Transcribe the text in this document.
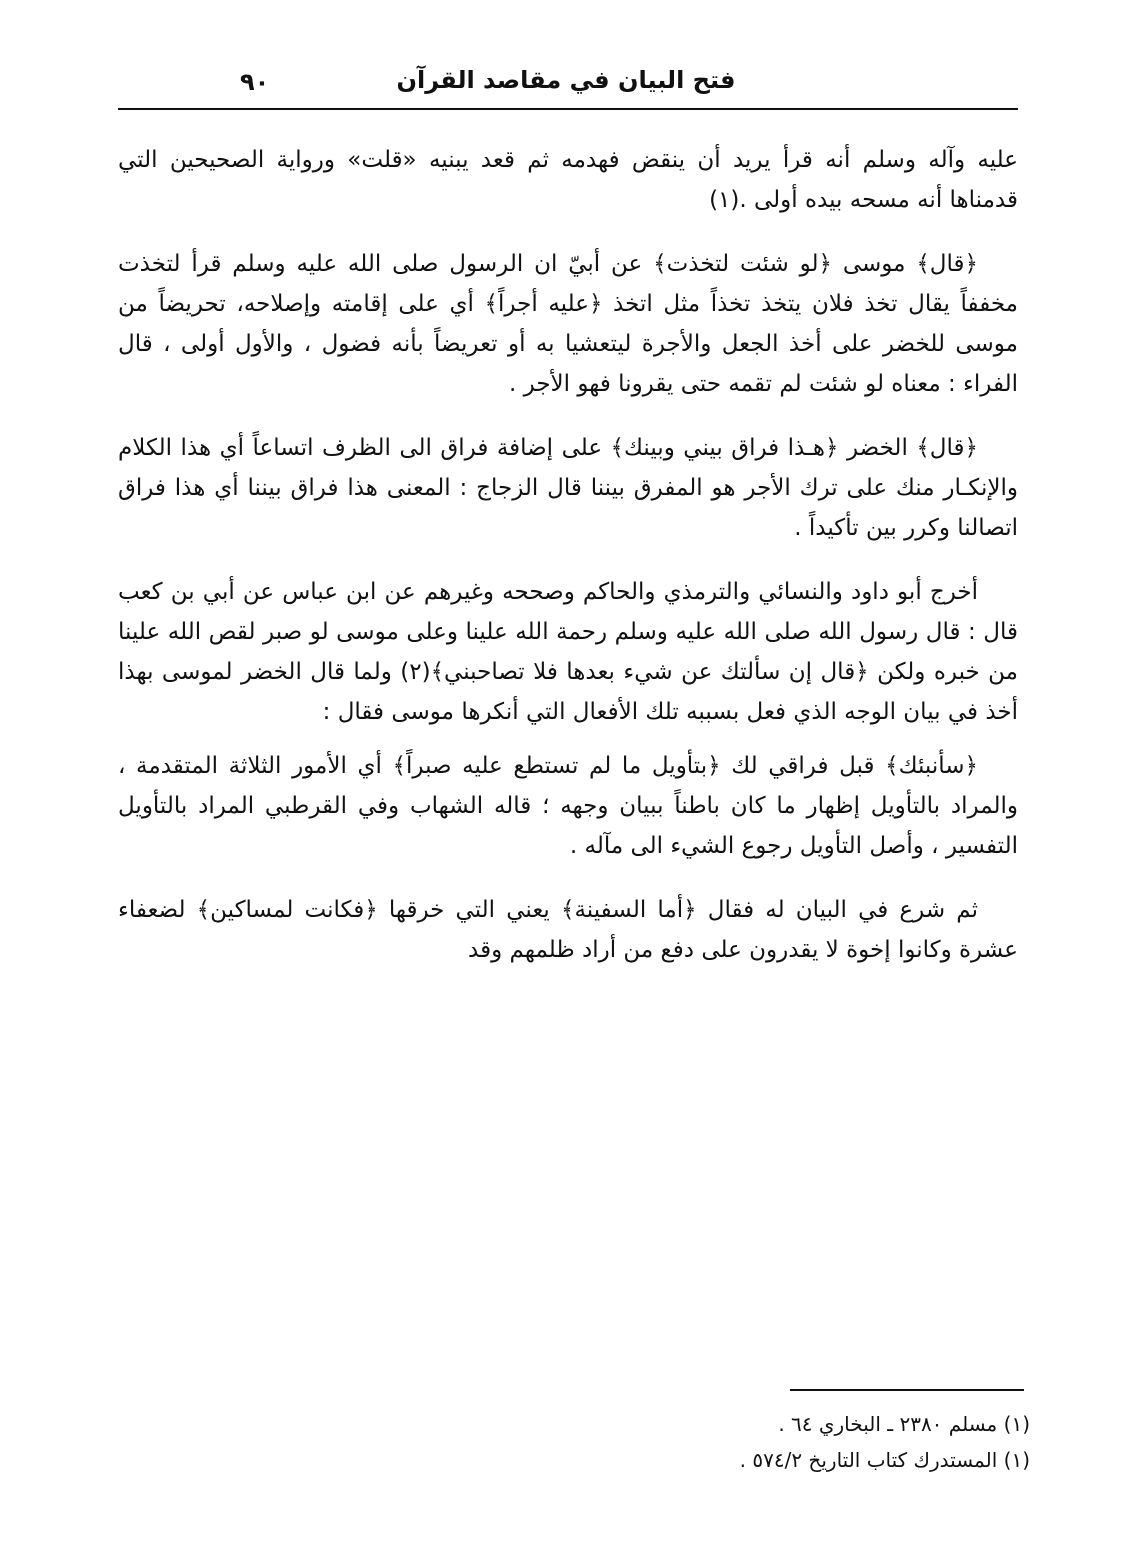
فتح البيان في مقاصد القرآن
٩٠

عليه وآله وسلم أنه قرأ يريد أن ينقض فهدمه ثم قعد يبنيه «قلت» ورواية الصحيحين التي قدمناها أنه مسحه بيده أولى .(١)

﴿قال﴾ موسى ﴿لو شئت لتخذت﴾ عن أبيّ ان الرسول صلى الله عليه وسلم قرأ لتخذت مخففاً يقال تخذ فلان يتخذ تخذاً مثل اتخذ ﴿عليه أجراً﴾ أي على إقامته وإصلاحه، تحريضاً من موسى للخضر على أخذ الجعل والأجرة ليتعشيا به أو تعريضاً بأنه فضول ، والأول أولى ، قال الفراء : معناه لو شئت لم تقمه حتى يقرونا فهو الأجر .

﴿قال﴾ الخضر ﴿هـذا فراق بيني وبينك﴾ على إضافة فراق الى الظرف اتساعاً أي هذا الكلام والإنكـار منك على ترك الأجر هو المفرق بيننا قال الزجاج : المعنى هذا فراق بيننا أي هذا فراق اتصالنا وكرر بين تأكيداً .

أخرج أبو داود والنسائي والترمذي والحاكم وصححه وغيرهم عن ابن عباس عن أبي بن كعب قال : قال رسول الله صلى الله عليه وسلم رحمة الله علينا وعلى موسى لو صبر لقص الله علينا من خبره ولكن ﴿قال إن سألتك عن شيء بعدها فلا تصاحبني﴾(٢) ولما قال الخضر لموسى بهذا أخذ في بيان الوجه الذي فعل بسببه تلك الأفعال التي أنكرها موسى فقال :

﴿سأنبئك﴾ قبل فراقي لك ﴿بتأويل ما لم تستطع عليه صبراً﴾ أي الأمور الثلاثة المتقدمة ، والمراد بالتأويل إظهار ما كان باطناً ببيان وجهه ؛ قاله الشهاب وفي القرطبي المراد بالتأويل التفسير ، وأصل التأويل رجوع الشيء الى مآله .

ثم شرع في البيان له فقال ﴿أما السفينة﴾ يعني التي خرقها ﴿فكانت لمساكين﴾ لضعفاء عشرة وكانوا إخوة لا يقدرون على دفع من أراد ظلمهم وقد

(١) مسلم ٢٣٨٠ ـ البخاري ٦٤ .

(١) المستدرك كتاب التاريخ ٥٧٤/٢ .
